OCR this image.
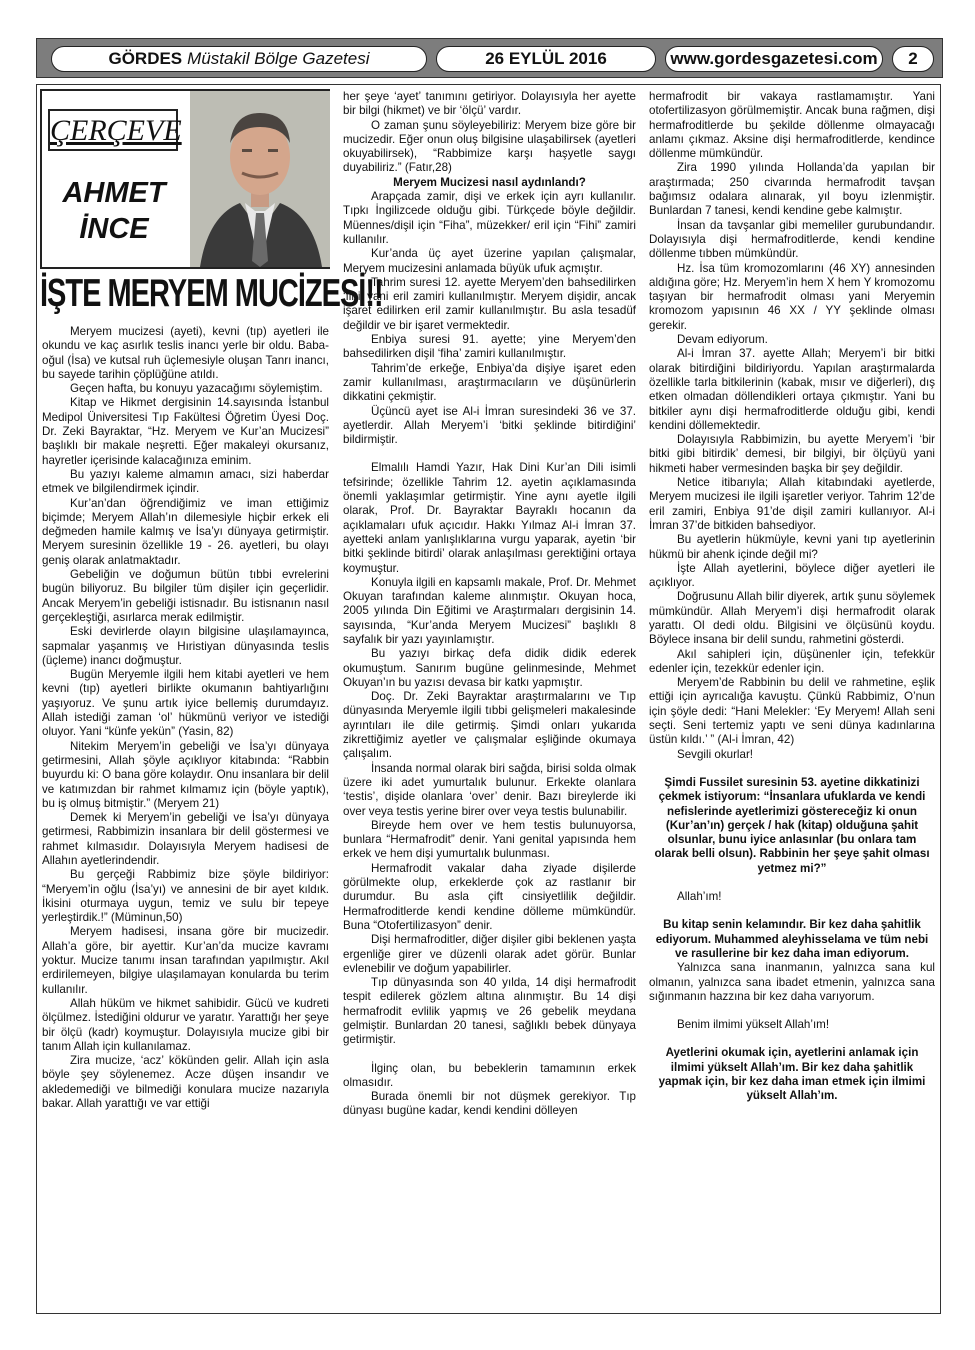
GÖRDES Müstakil Bölge Gazetesi	26 EYLÜL 2016	www.gordesgazetesi.com	2
ÇERÇEVE
AHMET
İNCE
İŞTE MERYEM MUCİZESİ!!

Meryem mucizesi (ayeti), kevni (tıp) ayetleri ile okundu ve kaç asırlık teslis inancı yerle bir oldu. Baba-oğul (İsa) ve kutsal ruh üçlemesiyle oluşan Tanrı inancı, bu sayede tarihin çöplüğüne atıldı.

Geçen hafta, bu konuyu yazacağımı söylemiştim.

Kitap ve Hikmet dergisinin 14.sayısında İstanbul Medipol Üniversitesi Tıp Fakültesi Öğretim Üyesi Doç. Dr. Zeki Bayraktar, “Hz. Meryem ve Kur’an Mucizesi” başlıklı bir makale neşretti. Eğer makaleyi okursanız, hayretler içerisinde kalacağınıza eminim.

Bu yazıyı kaleme almamın amacı, sizi haberdar etmek ve bilgilendirmek içindir.

Kur’an’dan öğrendiğimiz ve iman ettiğimiz biçimde; Meryem Allah’ın dilemesiyle hiçbir erkek eli değmeden hamile kalmış ve İsa’yı dünyaya getirmiştir. Meryem suresinin özellikle 19 - 26. ayetleri, bu olayı geniş olarak anlatmaktadır.

Gebeliğin ve doğumun bütün tıbbi evrelerini bugün biliyoruz. Bu bilgiler tüm dişiler için geçerlidir. Ancak Meryem’in gebeliği istisnadır. Bu istisnanın nasıl gerçekleştiği, asırlarca merak edilmiştir.

Eski devirlerde olayın bilgisine ulaşılamayınca, sapmalar yaşanmış ve Hıristiyan dünyasında teslis (üçleme) inancı doğmuştur.

Bugün Meryemle ilgili hem kitabi ayetleri ve hem kevni (tıp) ayetleri birlikte okumanın bahtiyarlığını yaşıyoruz. Ve şunu artık iyice bellemiş durumdayız. Allah istediği zaman ‘ol’ hükmünü veriyor ve istediği oluyor. Yani “künfe yekün” (Yasin, 82)

Nitekim Meryem’in gebeliği ve İsa’yı dünyaya getirmesini, Allah şöyle açıklıyor kitabında: “Rabbin buyurdu ki: O bana göre kolaydır. Onu insanlara bir delil ve katımızdan bir rahmet kılmamız için (böyle yaptık), bu iş olmuş bitmiştir.” (Meryem 21)

Demek ki Meryem’in gebeliği ve İsa’yı dünyaya getirmesi, Rabbimizin insanlara bir delil göstermesi ve rahmet kılmasıdır. Dolayısıyla Meryem hadisesi de Allahın ayetlerindendir.

Bu gerçeği Rabbimiz bize şöyle bildiriyor: “Meryem’in oğlu (İsa’yı) ve annesini de bir ayet kıldık. İkisini oturmaya uygun, temiz ve sulu bir tepeye yerleştirdik.!” (Müminun,50)

Meryem hadisesi, insana göre bir mucizedir. Allah’a göre, bir ayettir. Kur’an’da mucize kavramı yoktur. Mucize tanımı insan tarafından yapılmıştır. Akıl erdirilemeyen, bilgiye ulaşılamayan konularda bu terim kullanılır.

Allah hüküm ve hikmet sahibidir. Gücü ve kudreti ölçülmez. İstediğini oldurur ve yaratır. Yarattığı her şeye bir ölçü (kadr) koymuştur. Dolayısıyla mucize gibi bir tanım Allah için kullanılamaz.

Zira mucize, ‘acz’ kökünden gelir. Allah için asla böyle şey söylenemez. Acze düşen insandır ve akledemediği ve bilmediği konulara mucize nazarıyla bakar. Allah yarattığı ve var ettiği

her şeye ‘ayet’ tanımını getiriyor. Dolayısıyla her ayette bir bilgi (hikmet) ve bir ‘ölçü’ vardır.

O zaman şunu söyleyebiliriz: Meryem bize göre bir mucizedir. Eğer onun oluş bilgisine ulaşabilirsek (ayetleri okuyabilirsek), “Rabbimize karşı haşyetle saygı duyabiliriz.” (Fatır,28)

Meryem Mucizesi nasıl aydınlandı?

Arapçada zamir, dişi ve erkek için ayrı kullanılır. Tıpkı İngilizcede olduğu gibi. Türkçede böyle değildir. Müennes/dişil için “Fiha”, müzekker/ eril için “Fihi” zamiri kullanılır.

Kur’anda üç ayet üzerine yapılan çalışmalar, Meryem mucizesini anlamada büyük ufuk açmıştır.

Tahrim suresi 12. ayette Meryem’den bahsedilirken ‘fihi’ yani eril zamiri kullanılmıştır. Meryem dişidir, ancak işaret edilirken eril zamir kullanılmıştır. Bu asla tesadüf değildir ve bir işaret vermektedir.

Enbiya suresi 91. ayette; yine Meryem’den bahsedilirken dişil ‘fiha’ zamiri kullanılmıştır.

Tahrim’de erkeğe, Enbiya’da dişiye işaret eden zamir kullanılması, araştırmacıların ve düşünürlerin dikkatini çekmiştir.

Üçüncü ayet ise Al-i İmran suresindeki 36 ve 37. ayetlerdir. Allah Meryem’i ‘bitki şeklinde bitirdiğini’ bildirmiştir.

Elmalılı Hamdi Yazır, Hak Dini Kur’an Dili isimli tefsirinde; özellikle Tahrim 12. ayetin açıklamasında önemli yaklaşımlar getirmiştir. Yine aynı ayetle ilgili olarak, Prof. Dr. Bayraktar Bayraklı hocanın da açıklamaları ufuk açıcıdır. Hakkı Yılmaz Al-i İmran 37. ayetteki anlam yanlışlıklarına vurgu yaparak, ayetin ‘bir bitki şeklinde bitirdi’ olarak anlaşılması gerektiğini ortaya koymuştur.

Konuyla ilgili en kapsamlı makale, Prof. Dr. Mehmet Okuyan tarafından kaleme alınmıştır. Okuyan hoca, 2005 yılında Din Eğitimi ve Araştırmaları dergisinin 14. sayısında, “Kur’anda Meryem Mucizesi” başlıklı 8 sayfalık bir yazı yayınlamıştır.

Bu yazıyı birkaç defa didik didik ederek okumuştum. Sanırım bugüne gelinmesinde, Mehmet Okuyan’ın bu yazısı devasa bir katkı yapmıştır.

Doç. Dr. Zeki Bayraktar araştırmalarını ve Tıp dünyasında Meryemle ilgili tıbbi gelişmeleri makalesinde ayrıntıları ile dile getirmiş. Şimdi onları yukarıda zikrettiğimiz ayetler ve çalışmalar eşliğinde okumaya çalışalım.

İnsanda normal olarak biri sağda, birisi solda olmak üzere iki adet yumurtalık bulunur. Erkekte olanlara ‘testis’, dişide olanlara ‘over’ denir. Bazı bireylerde iki over veya testis yerine birer over veya testis bulunabilir.

Bireyde hem over ve hem testis bulunuyorsa, bunlara “Hermafrodit” denir. Yani genital yapısında hem erkek ve hem dişi yumurtalık bulunması.

Hermafrodit vakalar daha ziyade dişilerde görülmekte olup, erkeklerde çok az rastlanır bir durumdur. Bu asla çift cinsiyetlilik değildir. Hermafroditlerde kendi kendine dölleme mümkündür. Buna “Otofertilizasyon” denir.

Dişi hermafroditler, diğer dişiler gibi beklenen yaşta ergenliğe girer ve düzenli olarak adet görür. Bunlar evlenebilir ve doğum yapabilirler.

Tıp dünyasında son 40 yılda, 14 dişi hermafrodit tespit edilerek gözlem altına alınmıştır. Bu 14 dişi hermafrodit evlilik yapmış ve 26 gebelik meydana gelmiştir. Bunlardan 20 tanesi, sağlıklı bebek dünyaya getirmiştir.

İlginç olan, bu bebeklerin tamamının erkek olmasıdır.

Burada önemli bir not düşmek gerekiyor. Tıp dünyası bugüne kadar, kendi kendini dölleyen

hermafrodit bir vakaya rastlamamıştır. Yani otofertilizasyon görülmemiştir. Ancak buna rağmen, dişi hermafroditlerde bu şekilde döllenme olmayacağı anlamı çıkmaz. Aksine dişi hermafroditlerde, kendince döllenme mümkündür.

Zira 1990 yılında Hollanda’da yapılan bir araştırmada; 250 civarında hermafrodit tavşan bağımsız odalara alınarak, yıl boyu izlenmiştir. Bunlardan 7 tanesi, kendi kendine gebe kalmıştır.

İnsan da tavşanlar gibi memeliler gurubundandır. Dolayısıyla dişi hermafroditlerde, kendi kendine döllenme tıbben mümkündür.

Hz. İsa tüm kromozomlarını (46 XY) annesinden aldığına göre; Hz. Meryem’in hem X hem Y kromozomu taşıyan bir hermafrodit olması yani Meryemin kromozom yapısının 46 XX / YY şeklinde olması gerekir.

Devam ediyorum.

Al-i İmran 37. ayette Allah; Meryem’i bir bitki olarak bitirdiğini bildiriyordu. Yapılan araştırmalarda özellikle tarla bitkilerinin (kabak, mısır ve diğerleri), dış etken olmadan döllendikleri ortaya çıkmıştır. Yani bu bitkiler aynı dişi hermafroditlerde olduğu gibi, kendi kendini döllemektedir.

Dolayısıyla Rabbimizin, bu ayette Meryem’i ‘bir bitki gibi bitirdik’ demesi, bir bilgiyi, bir ölçüyü yani hikmeti haber vermesinden başka bir şey değildir.

Netice itibarıyla; Allah kitabındaki ayetlerde, Meryem mucizesi ile ilgili işaretler veriyor. Tahrim 12’de eril zamiri, Enbiya 91’de dişil zamiri kullanıyor. Al-i İmran 37’de bitkiden bahsediyor.

Bu ayetlerin hükmüyle, kevni yani tıp ayetlerinin hükmü bir ahenk içinde değil mi?

İşte Allah ayetlerini, böylece diğer ayetleri ile açıklıyor.

Doğrusunu Allah bilir diyerek, artık şunu söylemek mümkündür. Allah Meryem’i dişi hermafrodit olarak yarattı. Ol dedi oldu. Bilgisini ve ölçüsünü koydu. Böylece insana bir delil sundu, rahmetini gösterdi.

Akıl sahipleri için, düşünenler için, tefekkür edenler için, tezekkür edenler için.

Meryem’de Rabbinin bu delil ve rahmetine, eşlik ettiği için ayrıcalığa kavuştu. Çünkü Rabbimiz, O’nun için şöyle dedi: “Hani Melekler: ‘Ey Meryem! Allah seni seçti. Seni tertemiz yaptı ve seni dünya kadınlarına üstün kıldı.’ ” (Al-i İmran, 42)

Sevgili okurlar!

Şimdi Fussilet suresinin 53. ayetine dikkatinizi çekmek istiyorum: “İnsanlara ufuklarda ve kendi nefislerinde ayetlerimizi göstereceğiz ki onun (Kur’an’ın) gerçek / hak (kitap) olduğuna şahit olsunlar, bunu iyice anlasınlar (bu onlara tam olarak belli olsun). Rabbinin her şeye şahit olması yetmez mi?”

Allah’ım!

Bu kitap senin kelamındır. Bir kez daha şahitlik ediyorum. Muhammed aleyhisselama ve tüm nebi ve rasullerine bir kez daha iman ediyorum.

Yalnızca sana inanmanın, yalnızca sana kul olmanın, yalnızca sana ibadet etmenin, yalnızca sana sığınmanın hazzına bir kez daha varıyorum.

Benim ilmimi yükselt Allah’ım!

Ayetlerini okumak için, ayetlerini anlamak için ilmimi yükselt Allah’ım. Bir kez daha şahitlik yapmak için, bir kez daha iman etmek için ilmimi yükselt Allah’ım.
